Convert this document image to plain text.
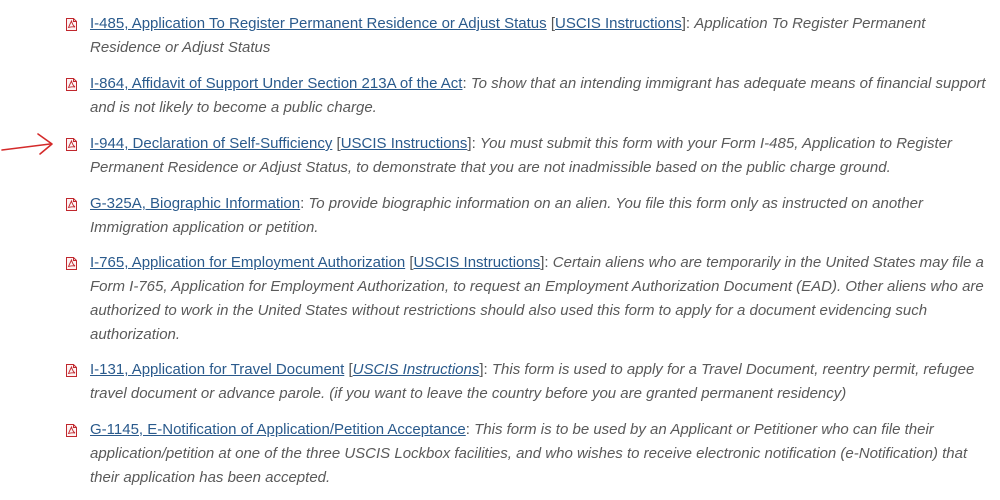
I-485, Application To Register Permanent Residence or Adjust Status [USCIS Instructions]: Application To Register Permanent Residence or Adjust Status
I-864, Affidavit of Support Under Section 213A of the Act: To show that an intending immigrant has adequate means of financial support and is not likely to become a public charge.
I-944, Declaration of Self-Sufficiency [USCIS Instructions]: You must submit this form with your Form I-485, Application to Register Permanent Residence or Adjust Status, to demonstrate that you are not inadmissible based on the public charge ground.
G-325A, Biographic Information: To provide biographic information on an alien. You file this form only as instructed on another Immigration application or petition.
I-765, Application for Employment Authorization [USCIS Instructions]: Certain aliens who are temporarily in the United States may file a Form I-765, Application for Employment Authorization, to request an Employment Authorization Document (EAD). Other aliens who are authorized to work in the United States without restrictions should also used this form to apply for a document evidencing such authorization.
I-131, Application for Travel Document [USCIS Instructions]: This form is used to apply for a Travel Document, reentry permit, refugee travel document or advance parole. (if you want to leave the country before you are granted permanent residency)
G-1145, E-Notification of Application/Petition Acceptance: This form is to be used by an Applicant or Petitioner who can file their application/petition at one of the three USCIS Lockbox facilities, and who wishes to receive electronic notification (e-Notification) that their application has been accepted.
